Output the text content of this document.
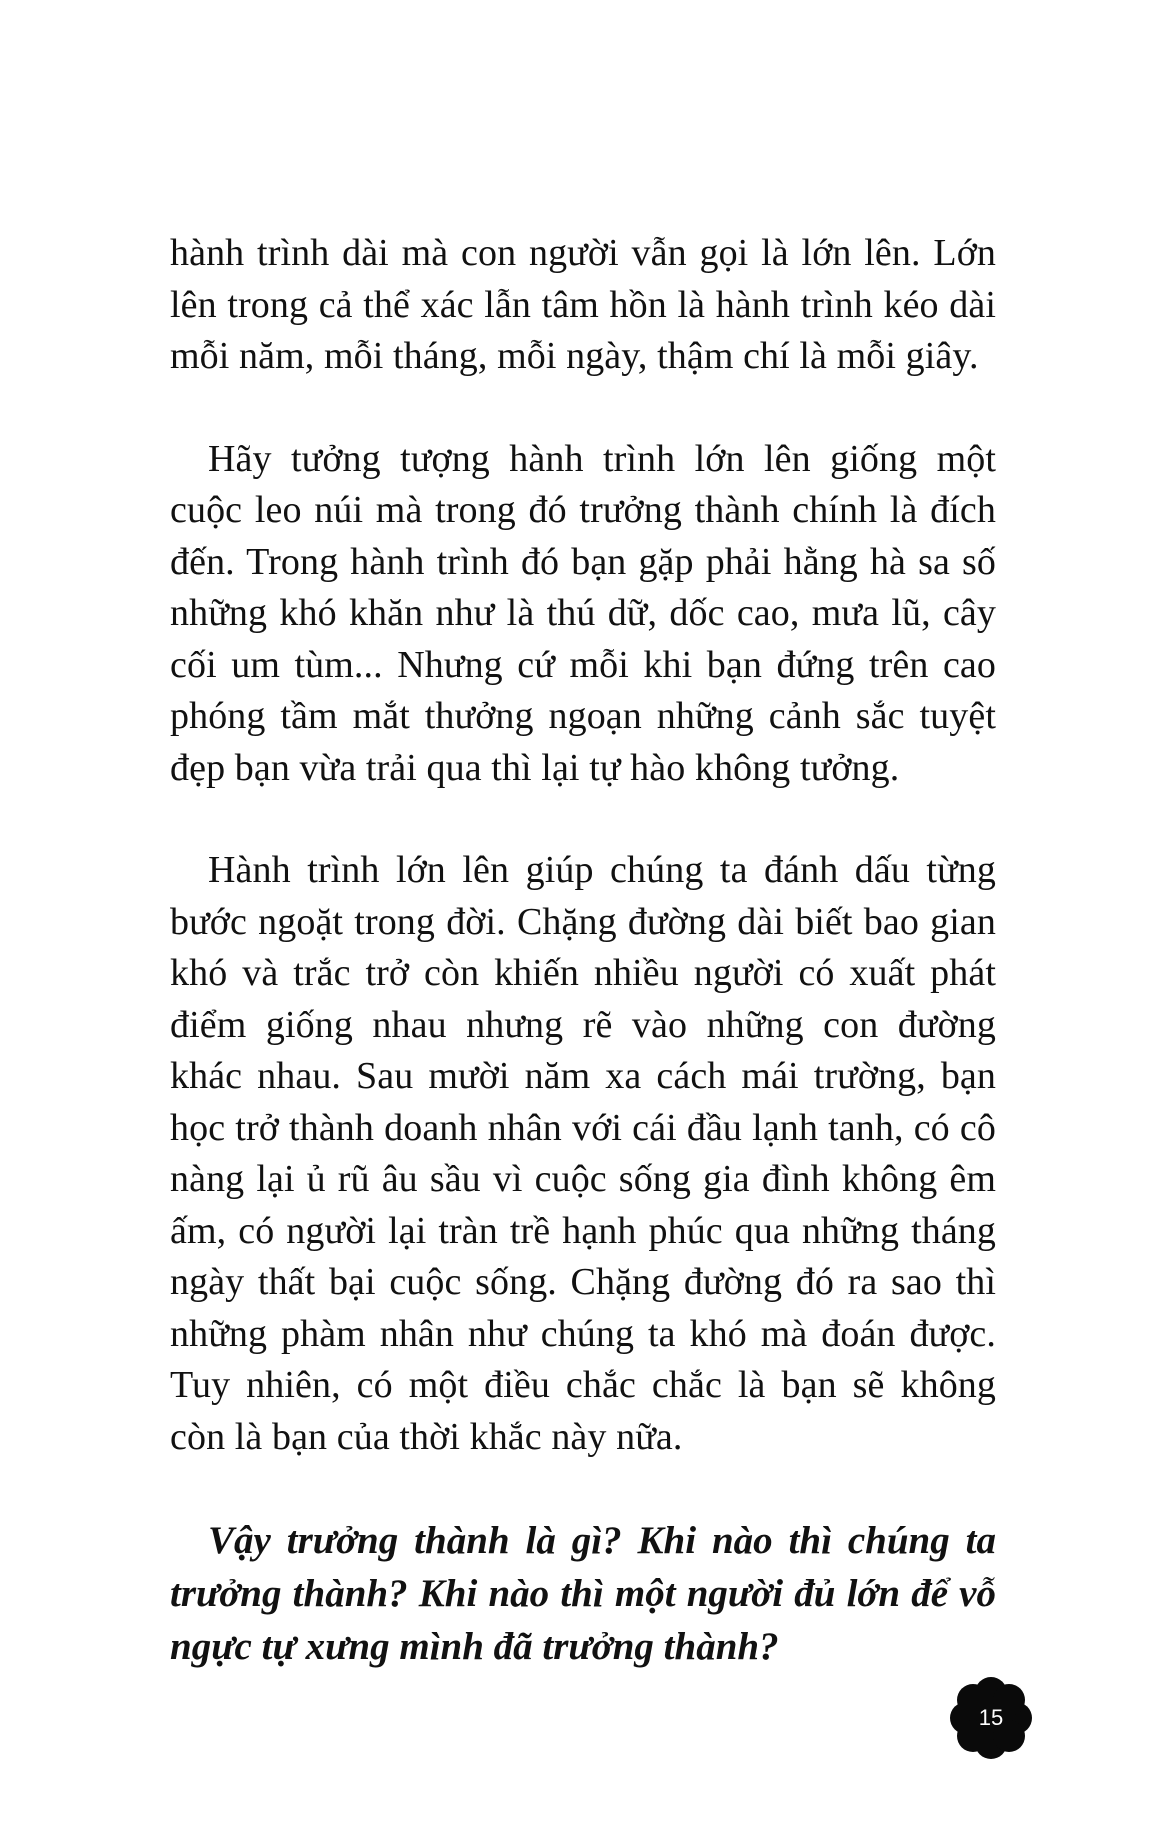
hành trình dài mà con người vẫn gọi là lớn lên. Lớn lên trong cả thể xác lẫn tâm hồn là hành trình kéo dài mỗi năm, mỗi tháng, mỗi ngày, thậm chí là mỗi giây.

Hãy tưởng tượng hành trình lớn lên giống một cuộc leo núi mà trong đó trưởng thành chính là đích đến. Trong hành trình đó bạn gặp phải hằng hà sa số những khó khăn như là thú dữ, dốc cao, mưa lũ, cây cối um tùm... Nhưng cứ mỗi khi bạn đứng trên cao phóng tầm mắt thưởng ngoạn những cảnh sắc tuyệt đẹp bạn vừa trải qua thì lại tự hào không tưởng.

Hành trình lớn lên giúp chúng ta đánh dấu từng bước ngoặt trong đời. Chặng đường dài biết bao gian khó và trắc trở còn khiến nhiều người có xuất phát điểm giống nhau nhưng rẽ vào những con đường khác nhau. Sau mười năm xa cách mái trường, bạn học trở thành doanh nhân với cái đầu lạnh tanh, có cô nàng lại ủ rũ âu sầu vì cuộc sống gia đình không êm ấm, có người lại tràn trề hạnh phúc qua những tháng ngày thất bại cuộc sống. Chặng đường đó ra sao thì những phàm nhân như chúng ta khó mà đoán được. Tuy nhiên, có một điều chắc chắc là bạn sẽ không còn là bạn của thời khắc này nữa.

Vậy trưởng thành là gì? Khi nào thì chúng ta trưởng thành? Khi nào thì một người đủ lớn để vỗ ngực tự xưng mình đã trưởng thành?

15
